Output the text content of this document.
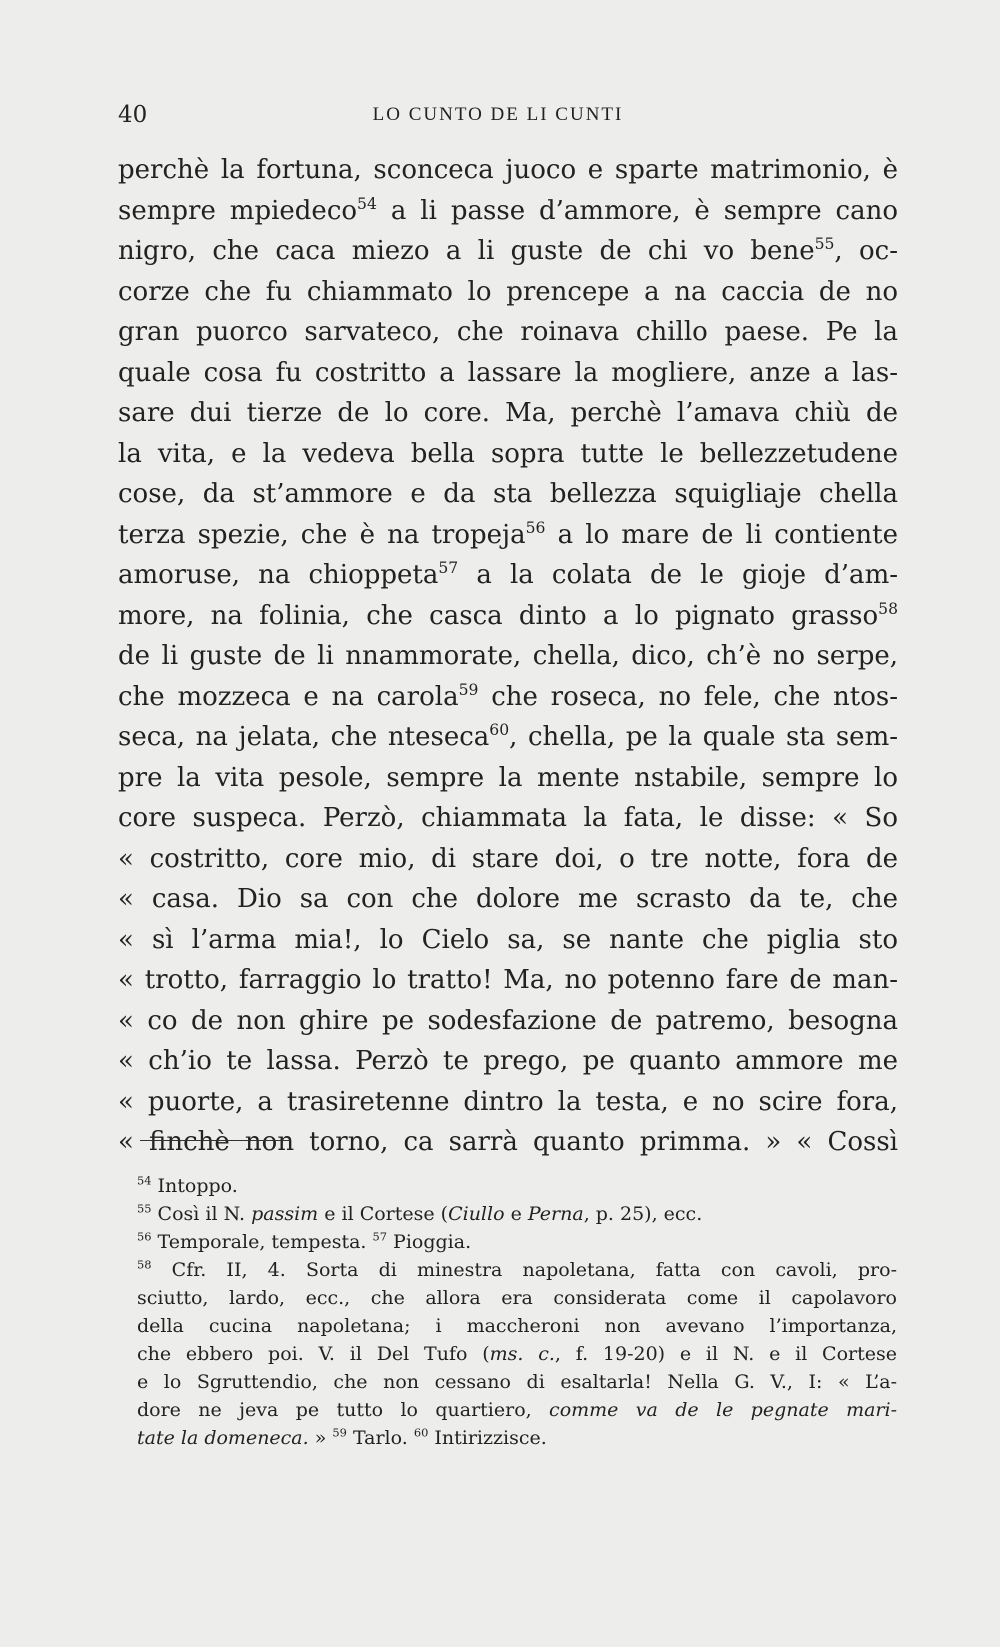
40	LO CUNTO DE LI CUNTI
perchè la fortuna, sconceca juoco e sparte matrimonio, è
sempre mpiedeco$^{54}$ a li passe d’ammore, è sempre cano
nigro, che caca miezo a li guste de chi vo bene$^{55}$, oc-
corze che fu chiammato lo prencepe a na caccia de no
gran puorco sarvateco, che roinava chillo paese. Pe la
quale cosa fu costritto a lassare la mogliere, anze a las-
sare dui tierze de lo core. Ma, perchè l’amava chiù de
la vita, e la vedeva bella sopra tutte le bellezzetudene
cose, da st’ammore e da sta bellezza squigliaje chella
terza spezie, che è na tropeja$^{56}$ a lo mare de li contiente
amoruse, na chioppeta$^{57}$ a la colata de le gioje d’am-
more, na folinia, che casca dinto a lo pignato grasso$^{58}$
de li guste de li nnammorate, chella, dico, ch’è no serpe,
che mozzeca e na carola$^{59}$ che roseca, no fele, che ntos-
seca, na jelata, che nteseca$^{60}$, chella, pe la quale sta sem-
pre la vita pesole, sempre la mente nstabile, sempre lo
core suspeca. Perzò, chiammata la fata, le disse: « So
« costritto, core mio, di stare doi, o tre notte, fora de
« casa. Dio sa con che dolore me scrasto da te, che
« sì l’arma mia!, lo Cielo sa, se nante che piglia sto
« trotto, farraggio lo tratto! Ma, no potenno fare de man-
« co de non ghire pe sodesfazione de patremo, besogna
« ch’io te lassa. Perzò te prego, pe quanto ammore me
« puorte, a trasiretenne dintro la testa, e no scire fora,
« finchè non torno, ca sarrà quanto primma. » « Cossì
$^{54}$ Intoppo.
$^{55}$ Così il N. passim e il Cortese (Ciullo e Perna, p. 25), ecc.
$^{56}$ Temporale, tempesta. $^{57}$ Pioggia.
$^{58}$ Cfr. II, 4. Sorta di minestra napoletana, fatta con cavoli, pro-
sciutto, lardo, ecc., che allora era considerata come il capolavoro
della cucina napoletana; i maccheroni non avevano l’importanza,
che ebbero poi. V. il Del Tufo (ms. c., f. 19-20) e il N. e il Cortese
e lo Sgruttendio, che non cessano di esaltarla! Nella G. V., I: « L’a-
dore ne jeva pe tutto lo quartiero, comme va de le pegnate mari-
tate la domeneca. » $^{59}$ Tarlo. $^{60}$ Intirizzisce.
